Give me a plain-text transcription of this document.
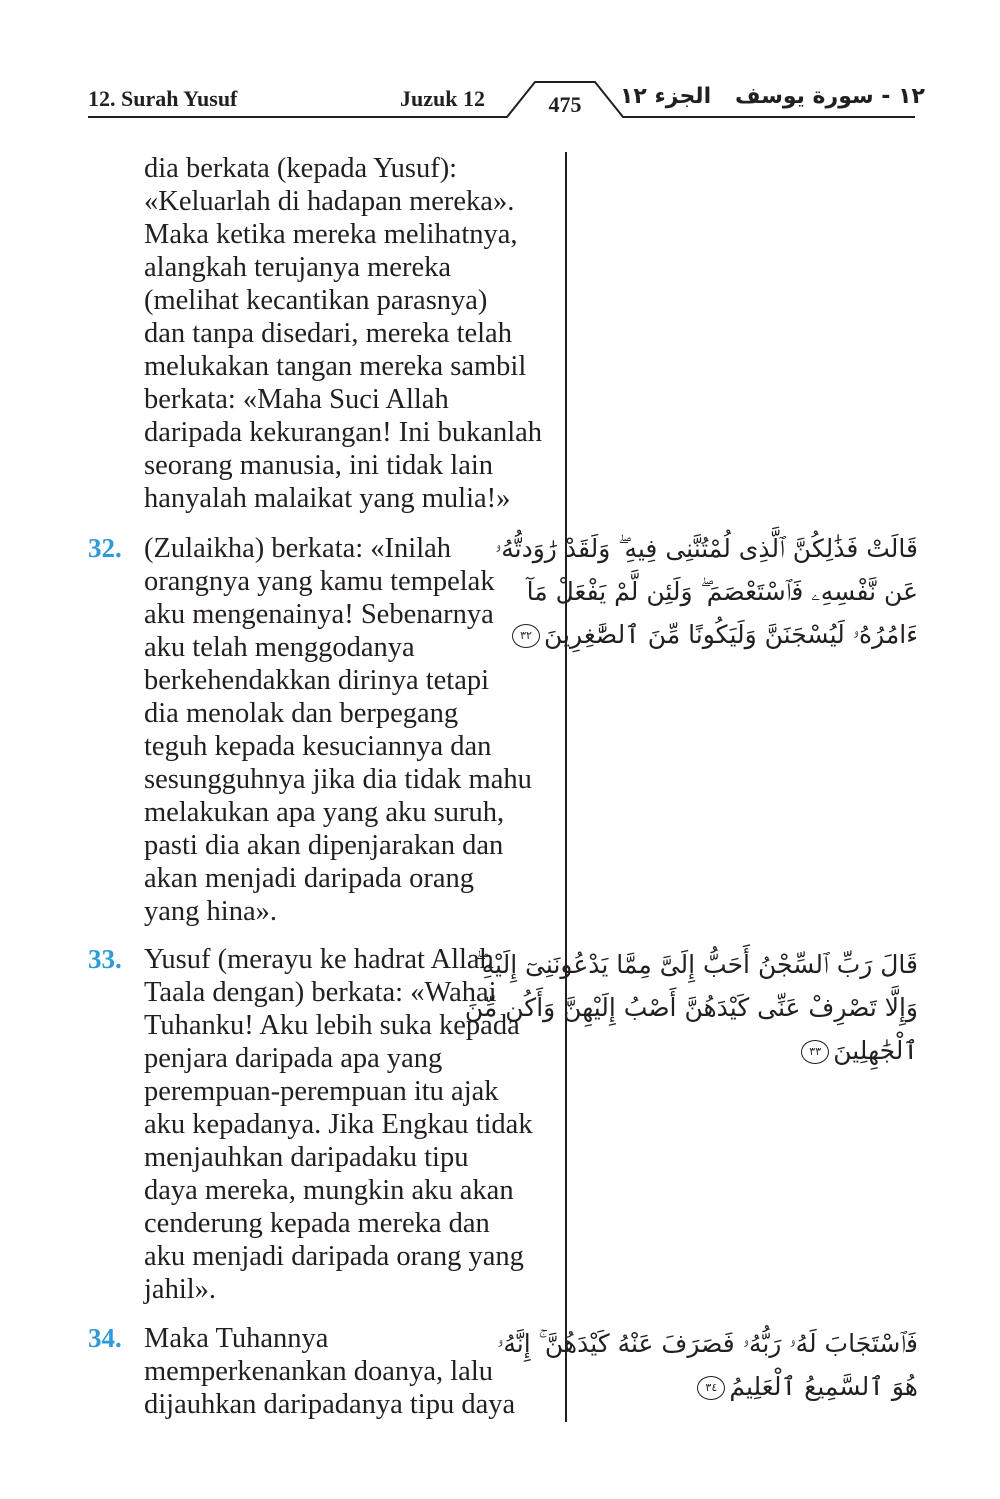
12. Surah Yusuf	Juzuk 12	475	الجزء ١٢ ١٢ - سورة يوسف
dia berkata (kepada Yusuf):
«Keluarlah di hadapan mereka».
Maka ketika mereka melihatnya,
alangkah terujanya mereka
(melihat kecantikan parasnya)
dan tanpa disedari, mereka telah
melukakan tangan mereka sambil
berkata: «Maha Suci Allah
daripada kekurangan! Ini bukanlah
seorang manusia, ini tidak lain
hanyalah malaikat yang mulia!»
32. (Zulaikha) berkata: «Inilah
orangnya yang kamu tempelak
aku mengenainya! Sebenarnya
aku telah menggodanya
berkehendakkan dirinya tetapi
dia menolak dan berpegang
teguh kepada kesuciannya dan
sesungguhnya jika dia tidak mahu
melakukan apa yang aku suruh,
pasti dia akan dipenjarakan dan
akan menjadi daripada orang
yang hina».
33. Yusuf (merayu ke hadrat Allah
Taala dengan) berkata: «Wahai
Tuhanku! Aku lebih suka kepada
penjara daripada apa yang
perempuan-perempuan itu ajak
aku kepadanya. Jika Engkau tidak
menjauhkan daripadaku tipu
daya mereka, mungkin aku akan
cenderung kepada mereka dan
aku menjadi daripada orang yang
jahil».
34. Maka Tuhannya
memperkenankan doanya, lalu
dijauhkan daripadanya tipu daya
قَالَتْ فَذَٰلِكُنَّ ٱلَّذِى لُمْتُنَّنِى فِيهِ ۖ وَلَقَدْ رَٰوَدتُّهُۥ
عَن نَّفْسِهِۦ فَٱسْتَعْصَمَ ۖ وَلَئِن لَّمْ يَفْعَلْ مَآ
ءَامُرُهُۥ لَيُسْجَنَنَّ وَلَيَكُونًا مِّنَ ٱلصَّٰغِرِينَ٣٢
قَالَ رَبِّ ٱلسِّجْنُ أَحَبُّ إِلَىَّ مِمَّا يَدْعُونَنِىٓ إِلَيْهِ ۖ
وَإِلَّا تَصْرِفْ عَنِّى كَيْدَهُنَّ أَصْبُ إِلَيْهِنَّ وَأَكُن مِّنَ
ٱلْجَٰهِلِينَ٣٣
فَٱسْتَجَابَ لَهُۥ رَبُّهُۥ فَصَرَفَ عَنْهُ كَيْدَهُنَّ ۚ إِنَّهُۥ
هُوَ ٱلسَّمِيعُ ٱلْعَلِيمُ٣٤
